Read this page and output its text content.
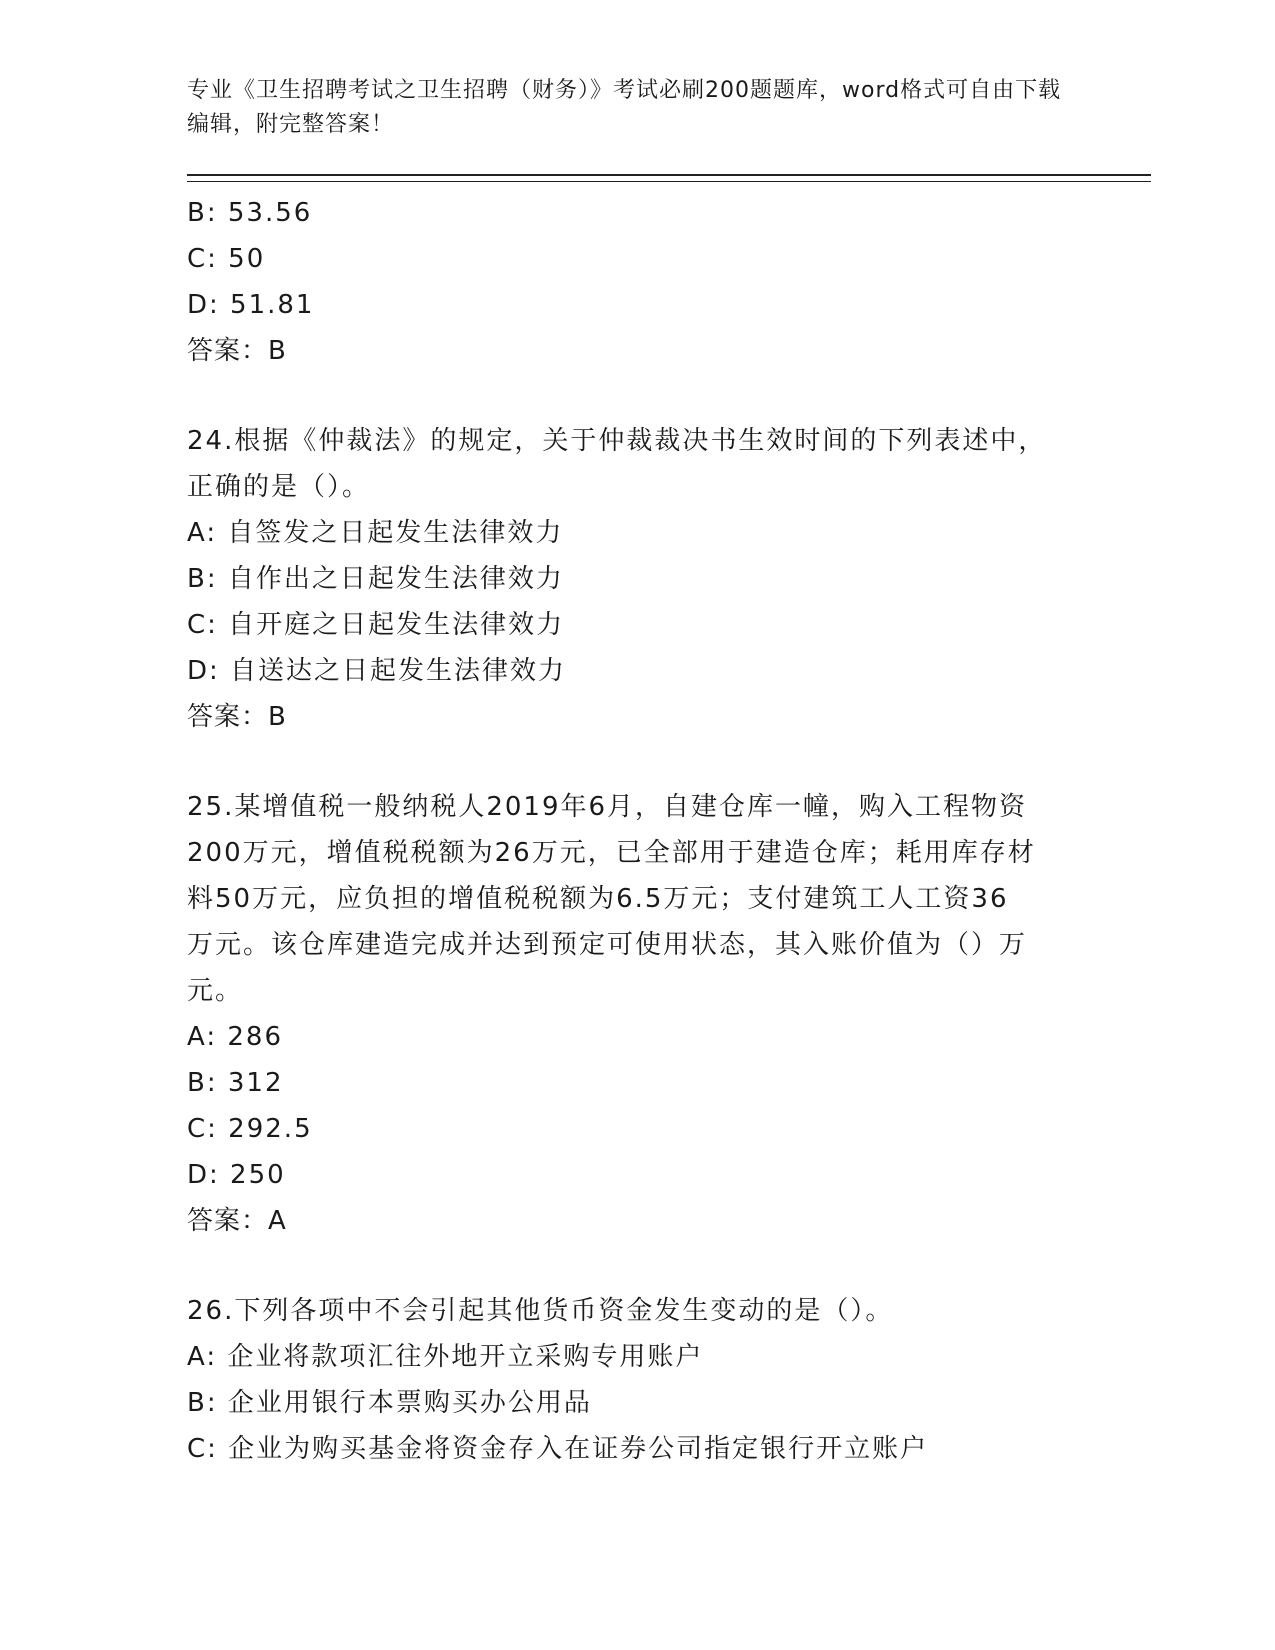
专业《卫生招聘考试之卫生招聘（财务）》考试必刷200题题库，word格式可自由下载编辑，附完整答案！
B: 53.56
C: 50
D: 51.81
答案：B
24.根据《仲裁法》的规定，关于仲裁裁决书生效时间的下列表述中，
正确的是（）。
A: 自签发之日起发生法律效力
B: 自作出之日起发生法律效力
C: 自开庭之日起发生法律效力
D: 自送达之日起发生法律效力
答案：B
25.某增值税一般纳税人2019年6月，自建仓库一幢，购入工程物资
200万元，增值税税额为26万元，已全部用于建造仓库；耗用库存材
料50万元，应负担的增值税税额为6.5万元；支付建筑工人工资36
万元。该仓库建造完成并达到预定可使用状态，其入账价值为（）万
元。
A: 286
B: 312
C: 292.5
D: 250
答案：A
26.下列各项中不会引起其他货币资金发生变动的是（）。
A: 企业将款项汇往外地开立采购专用账户
B: 企业用银行本票购买办公用品
C: 企业为购买基金将资金存入在证券公司指定银行开立账户
